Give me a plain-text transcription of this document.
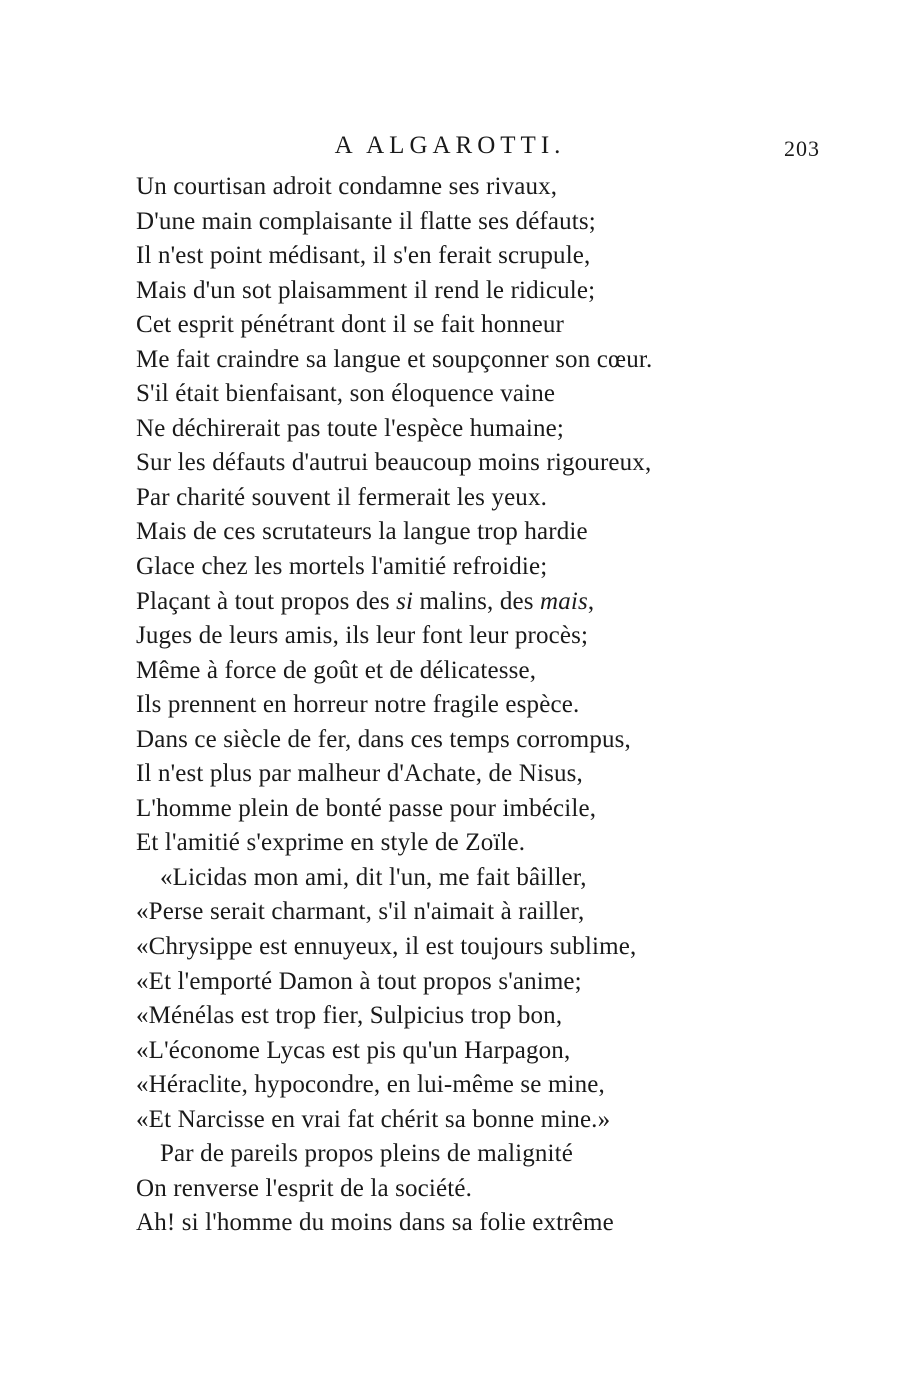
A ALGAROTTI.	203
Un courtisan adroit condamne ses rivaux,
D'une main complaisante il flatte ses défauts;
Il n'est point médisant, il s'en ferait scrupule,
Mais d'un sot plaisamment il rend le ridicule;
Cet esprit pénétrant dont il se fait honneur
Me fait craindre sa langue et soupçonner son cœur.
S'il était bienfaisant, son éloquence vaine
Ne déchirerait pas toute l'espèce humaine;
Sur les défauts d'autrui beaucoup moins rigoureux,
Par charité souvent il fermerait les yeux.
Mais de ces scrutateurs la langue trop hardie
Glace chez les mortels l'amitié refroidie;
Plaçant à tout propos des si malins, des mais,
Juges de leurs amis, ils leur font leur procès;
Même à force de goût et de délicatesse,
Ils prennent en horreur notre fragile espèce.
Dans ce siècle de fer, dans ces temps corrompus,
Il n'est plus par malheur d'Achate, de Nisus,
L'homme plein de bonté passe pour imbécile,
Et l'amitié s'exprime en style de Zoïle.
«Licidas mon ami, dit l'un, me fait bâiller,
«Perse serait charmant, s'il n'aimait à railler,
«Chrysippe est ennuyeux, il est toujours sublime,
«Et l'emporté Damon à tout propos s'anime;
«Ménélas est trop fier, Sulpicius trop bon,
«L'économe Lycas est pis qu'un Harpagon,
«Héraclite, hypocondre, en lui-même se mine,
«Et Narcisse en vrai fat chérit sa bonne mine.»
Par de pareils propos pleins de malignité
On renverse l'esprit de la société.
Ah! si l'homme du moins dans sa folie extrême
